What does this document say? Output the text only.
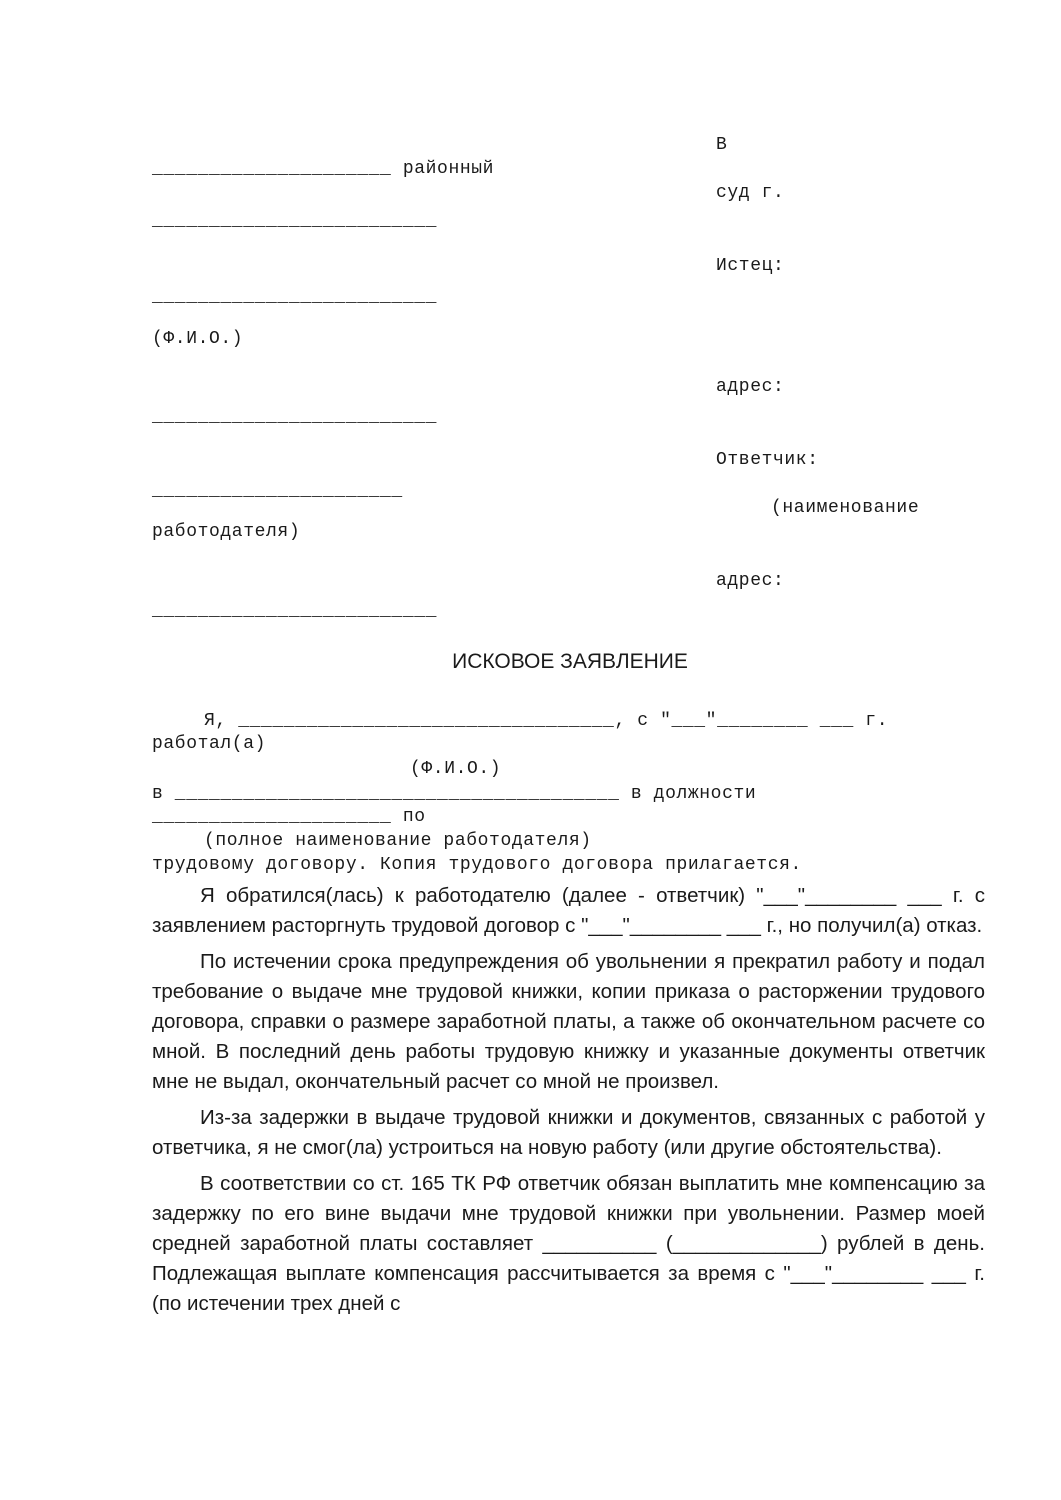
_____________________ районный
_________________________
_________________________
(Ф.И.О.)
_________________________
______________________
работодателя)
_________________________
В
суд г.
Истец:
адрес:
Ответчик:
(наименование
адрес:
ИСКОВОЕ ЗАЯВЛЕНИЕ
Я, _________________________________, с "___"________ ___ г.
работал(а)
(Ф.И.О.)
в _______________________________________ в должности
_____________________ по
(полное наименование работодателя)
трудовому договору. Копия трудового договора прилагается.

Я обратился(лась) к работодателю (далее - ответчик) "___"________ ___ г. с заявлением расторгнуть трудовой договор с "___"________ ___ г., но получил(а) отказ.

По истечении срока предупреждения об увольнении я прекратил работу и подал требование о выдаче мне трудовой книжки, копии приказа о расторжении трудового договора, справки о размере заработной платы, а также об окончательном расчете со мной. В последний день работы трудовую книжку и указанные документы ответчик мне не выдал, окончательный расчет со мной не произвел.

Из-за задержки в выдаче трудовой книжки и документов, связанных с работой у ответчика, я не смог(ла) устроиться на новую работу (или другие обстоятельства).

В соответствии со ст. 165 ТК РФ ответчик обязан выплатить мне компенсацию за задержку по его вине выдачи мне трудовой книжки при увольнении. Размер моей средней заработной платы составляет __________ (_____________) рублей в день. Подлежащая выплате компенсация рассчитывается за время с "___"________ ___ г. (по истечении трех дней с
